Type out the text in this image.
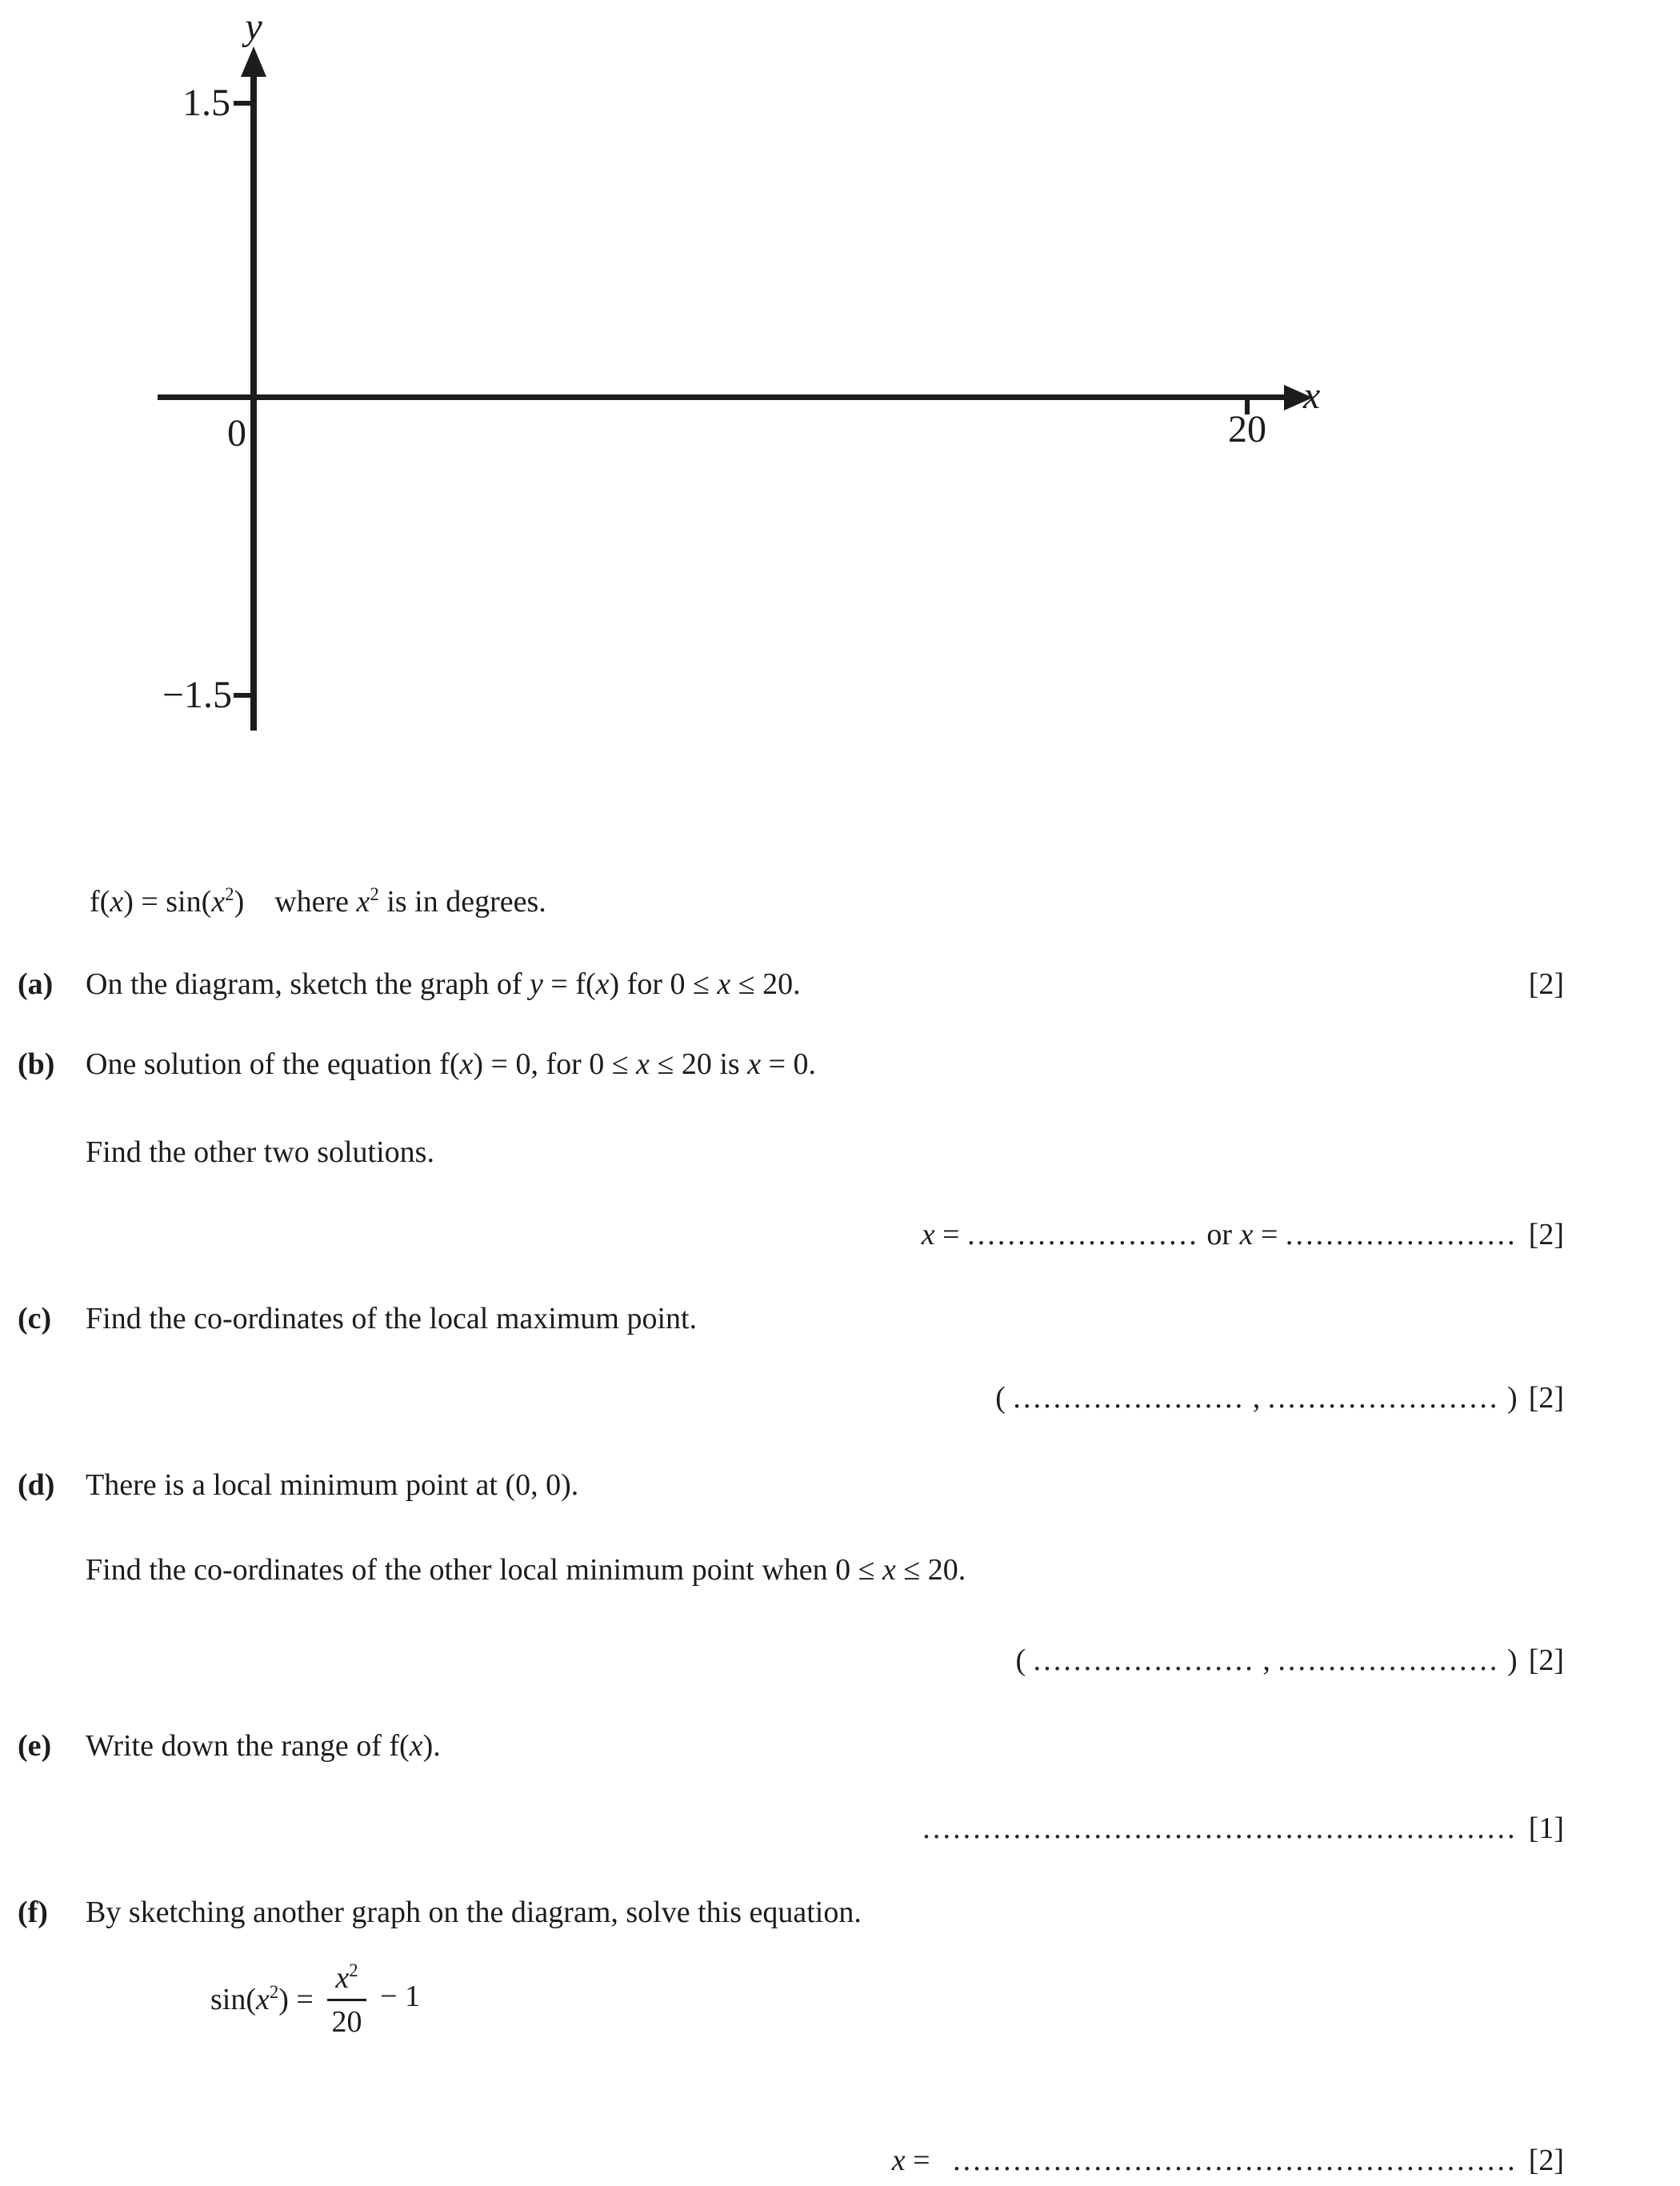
y
x
1.5
−1.5
0	20
$f(x) = \sin(x^2)$    where $x^2$ is in degrees.
(a) On the diagram, sketch the graph of y = f(x) for 0 ≤ x ≤ 20.	[2]
(b) One solution of the equation f(x) = 0, for 0 ≤ x ≤ 20 is x = 0.
Find the other two solutions.
x = ....................... or x = ....................... [2]
(c) Find the co-ordinates of the local maximum point.
( ....................... , ....................... ) [2]
(d) There is a local minimum point at (0, 0).
Find the co-ordinates of the other local minimum point when 0 ≤ x ≤ 20.
( ...................... , ...................... ) [2]
(e) Write down the range of f(x).
........................................................... [1]
(f) By sketching another graph on the diagram, solve this equation.
$\sin(x^2) = \frac{x^2}{20} - 1$
x =   ........................................................ [2]
